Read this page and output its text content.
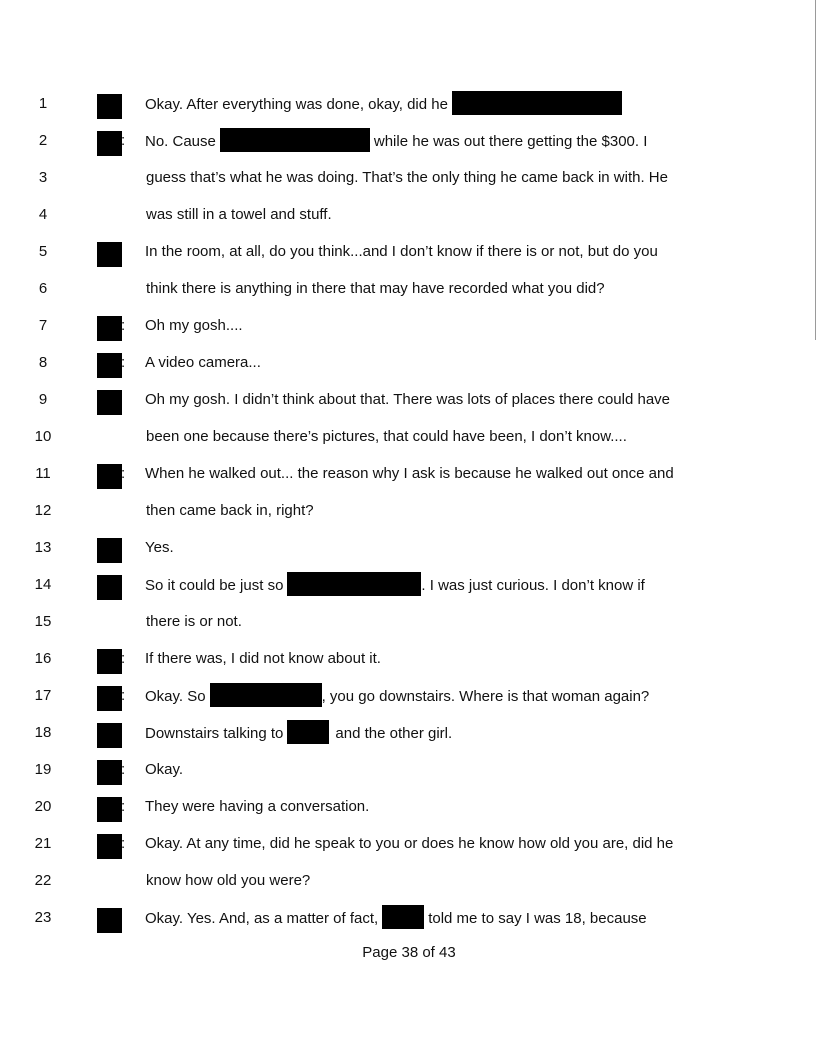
1	Okay. After everything was done, okay, did he
2	: No. Cause	while he was out there getting the $300. I
3	guess that’s what he was doing. That’s the only thing he came back in with. He
4	was still in a towel and stuff.
5	In the room, at all, do you think...and I don’t know if there is or not, but do you
6	think there is anything in there that may have recorded what you did?
7	: Oh my gosh....
8	: A video camera...
9	Oh my gosh. I didn’t think about that. There was lots of places there could have
10	been one because there’s pictures, that could have been, I don’t know....
11	: When he walked out... the reason why I ask is because he walked out once and
12	then came back in, right?
13	Yes.
14	So it could be just so	. I was just curious. I don’t know if
15	there is or not.
16	: If there was, I did not know about it.
17	: Okay. So	, you go downstairs. Where is that woman again?
18	Downstairs talking to	and the other girl.
19	: Okay.
20	: They were having a conversation.
21	: Okay. At any time, did he speak to you or does he know how old you are, did he
22	know how old you were?
23	Okay. Yes. And, as a matter of fact,	told me to say I was 18, because
Page 38 of 43
